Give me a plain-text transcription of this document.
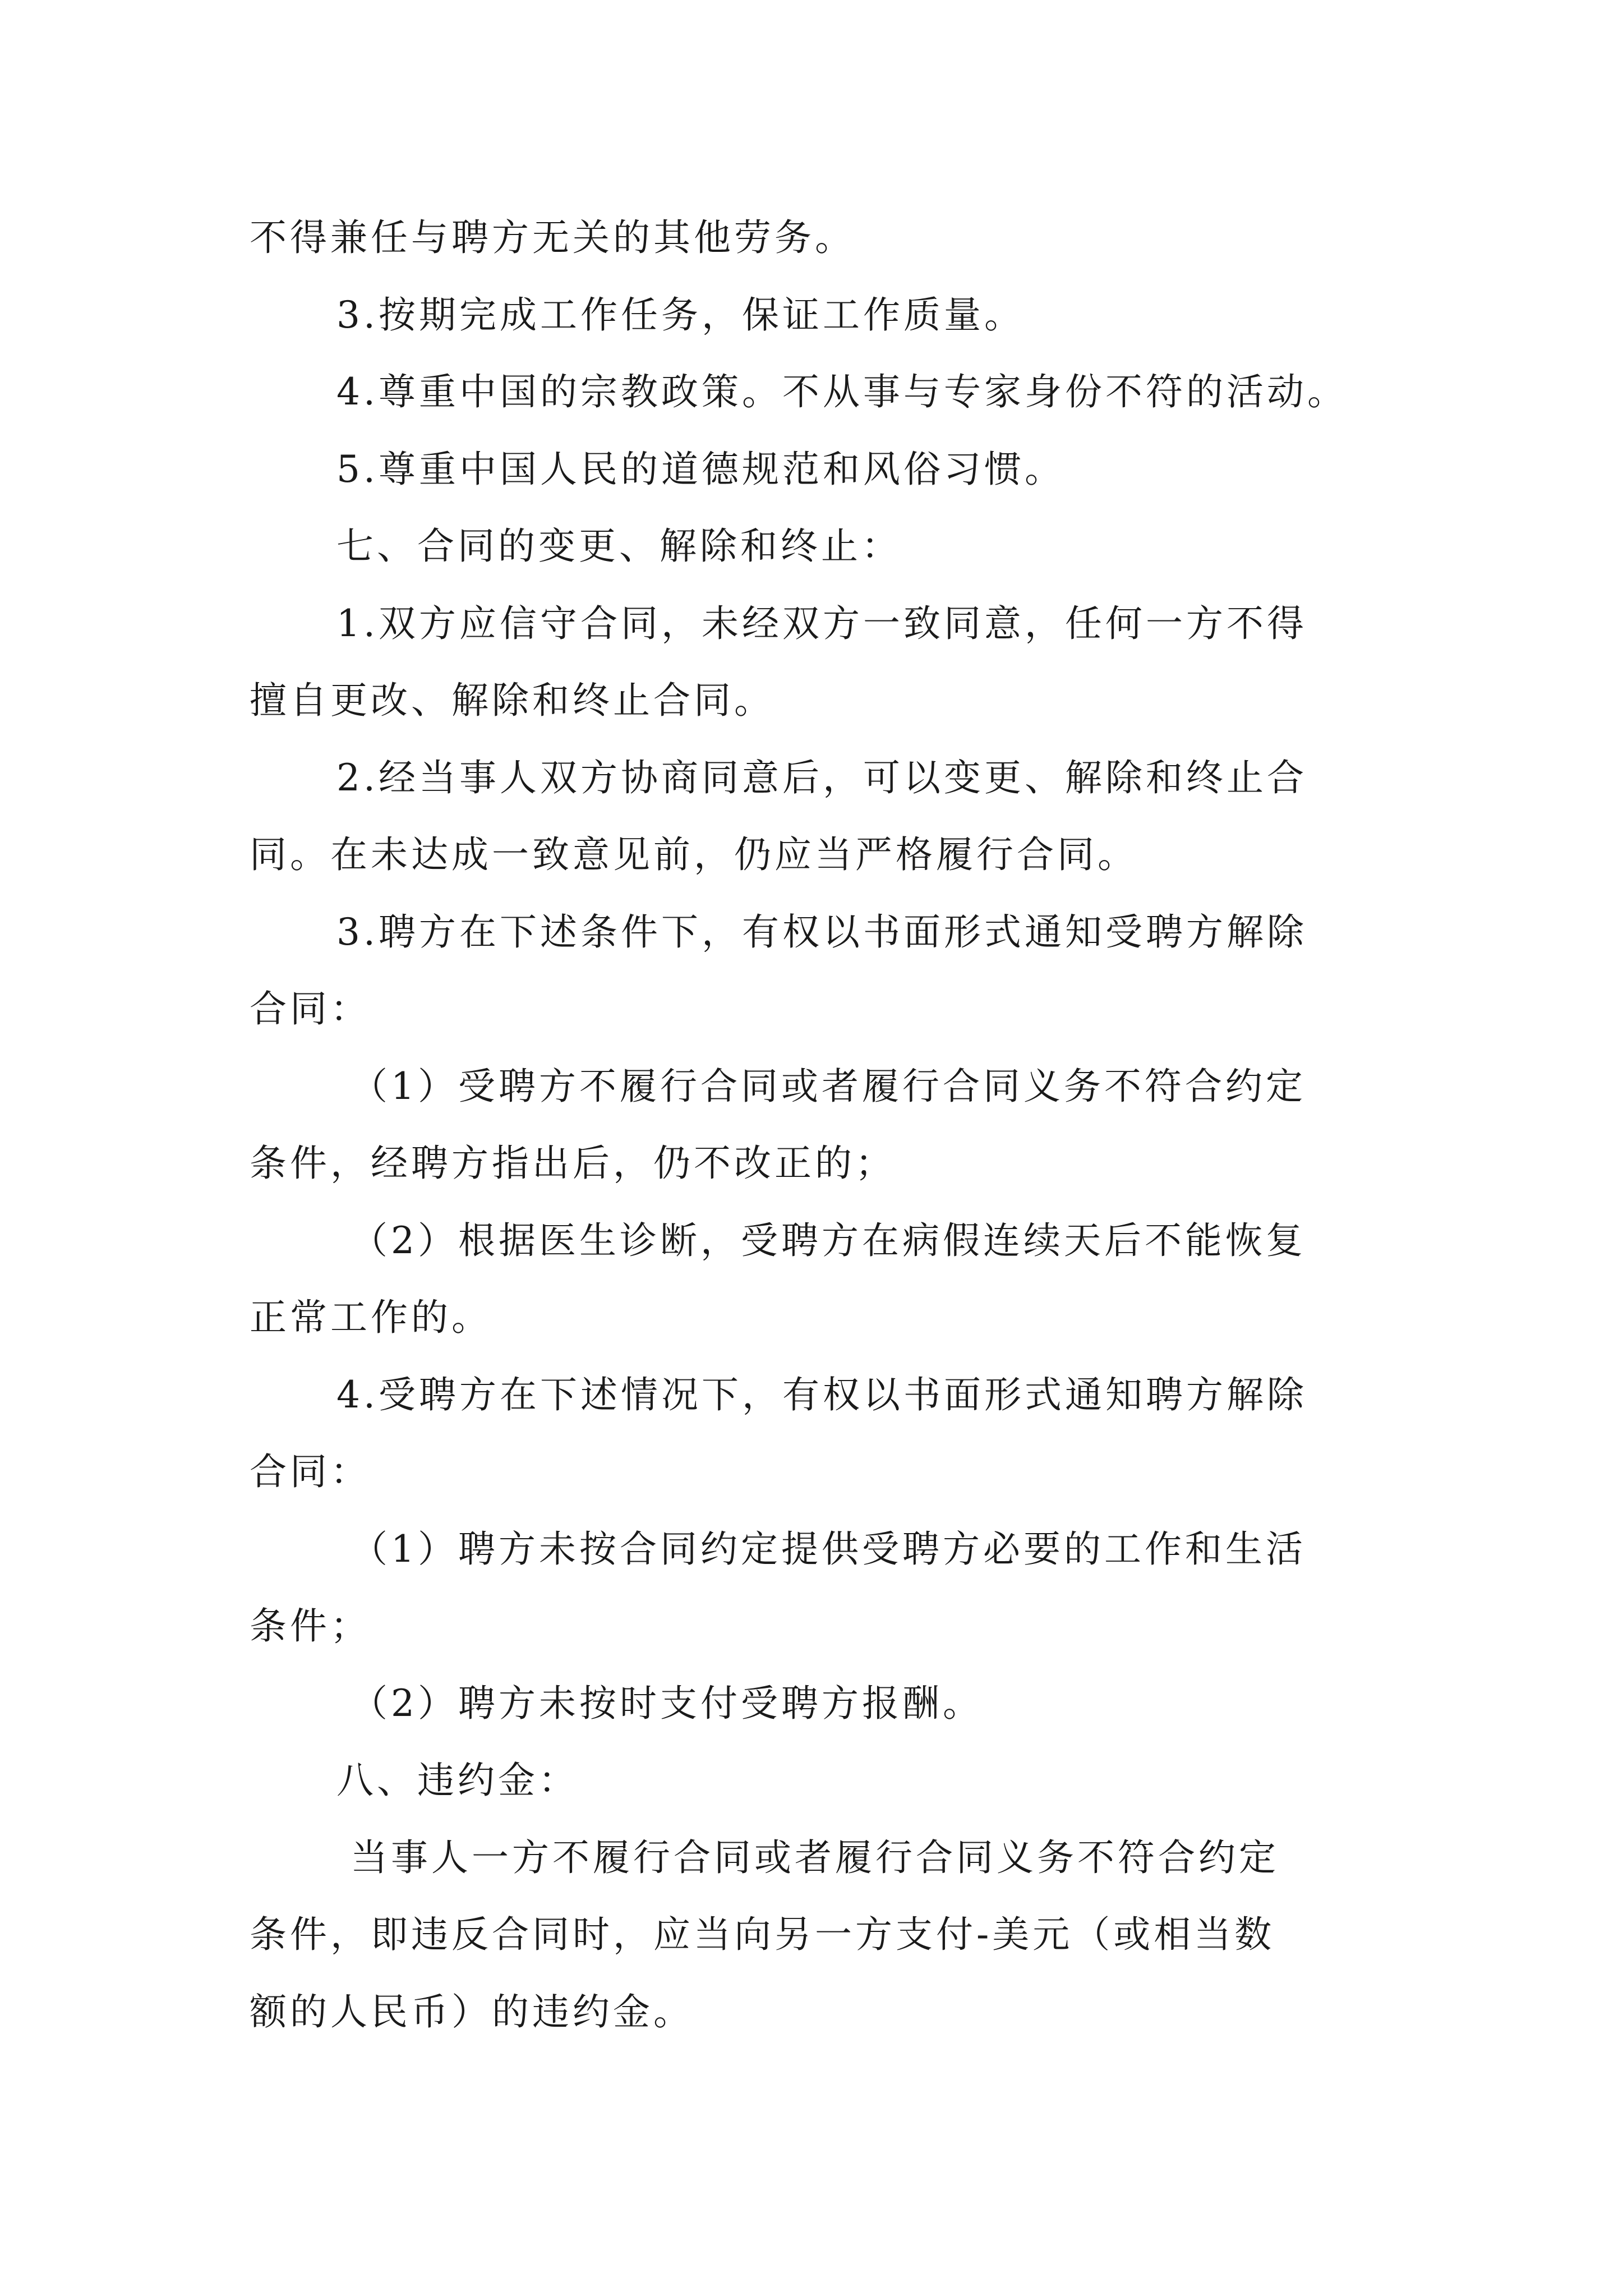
不得兼任与聘方无关的其他劳务。
3.按期完成工作任务，保证工作质量。
4.尊重中国的宗教政策。不从事与专家身份不符的活动。
5.尊重中国人民的道德规范和风俗习惯。
七、合同的变更、解除和终止：
1.双方应信守合同，未经双方一致同意，任何一方不得
擅自更改、解除和终止合同。
2.经当事人双方协商同意后，可以变更、解除和终止合
同。在未达成一致意见前，仍应当严格履行合同。
3.聘方在下述条件下，有权以书面形式通知受聘方解除
合同：
（1）受聘方不履行合同或者履行合同义务不符合约定
条件，经聘方指出后，仍不改正的；
（2）根据医生诊断，受聘方在病假连续天后不能恢复
正常工作的。
4.受聘方在下述情况下，有权以书面形式通知聘方解除
合同：
（1）聘方未按合同约定提供受聘方必要的工作和生活
条件；
（2）聘方未按时支付受聘方报酬。
八、违约金：
当事人一方不履行合同或者履行合同义务不符合约定
条件，即违反合同时，应当向另一方支付-美元（或相当数
额的人民币）的违约金。
